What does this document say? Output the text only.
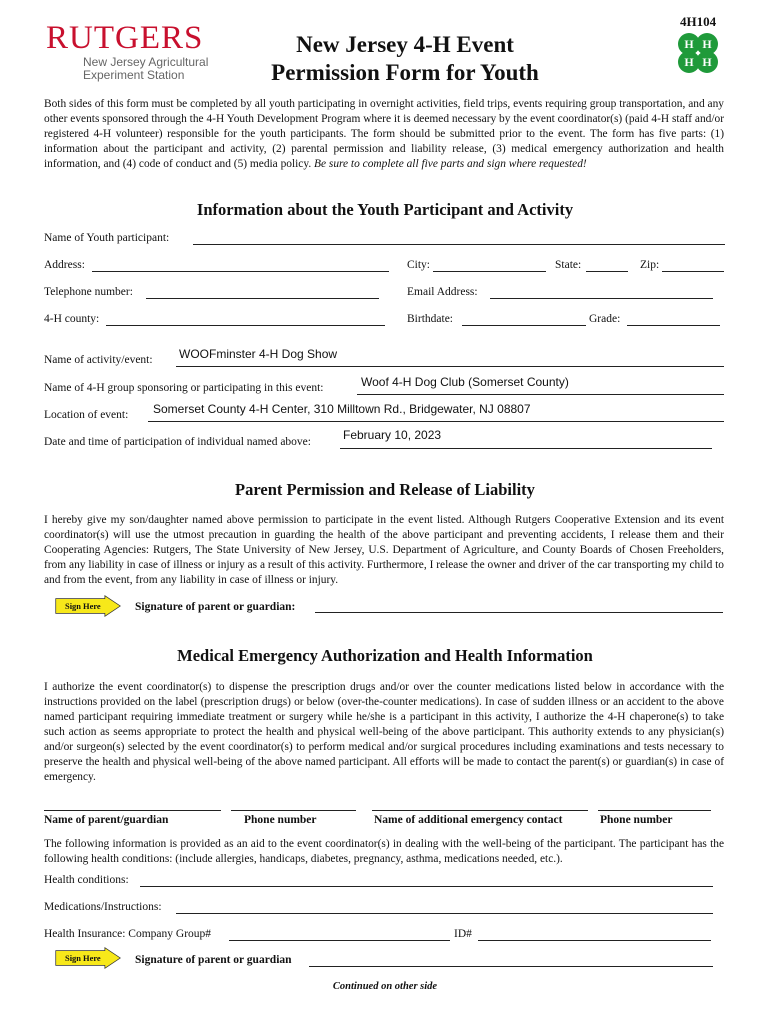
RUTGERS
New Jersey Agricultural
Experiment Station
4H104
H H
H H
New Jersey 4-H Event
Permission Form for Youth
Both sides of this form must be completed by all youth participating in overnight activities, field trips, events requiring group transportation, and any other events sponsored through the 4-H Youth Development Program where it is deemed necessary by the event coordinator(s) (paid 4-H staff and/or registered 4-H volunteer) responsible for the youth participants. The form should be submitted prior to the event. The form has five parts: (1) information about the participant and activity, (2) parental permission and liability release, (3) medical emergency authorization and health information, and (4) code of conduct and (5) media policy. Be sure to complete all five parts and sign where requested!
Information about the Youth Participant and Activity
Name of Youth participant:
Address:	City:	State:	Zip:
Telephone number:	Email Address:
4-H county:	Birthdate:	Grade:
Name of activity/event: WOOFminster 4-H Dog Show
Name of 4-H group sponsoring or participating in this event:	Woof 4-H Dog Club (Somerset County)
Location of event: Somerset County 4-H Center, 310 Milltown Rd., Bridgewater, NJ 08807
Date and time of participation of individual named above:	February 10, 2023
Parent Permission and Release of Liability
I hereby give my son/daughter named above permission to participate in the event listed. Although Rutgers Cooperative Extension and its event coordinator(s) will use the utmost precaution in guarding the health of the above participant and preventing accidents, I release them and their Cooperating Agencies: Rutgers, The State University of New Jersey, U.S. Department of Agriculture, and County Boards of Chosen Freeholders, from any liability in case of illness or injury as a result of this activity. Furthermore, I release the owner and driver of the car transporting my child to and from the event, from any liability in case of illness or injury.
Sign Here	Signature of parent or guardian:
Medical Emergency Authorization and Health Information
I authorize the event coordinator(s) to dispense the prescription drugs and/or over the counter medications listed below in accordance with the instructions provided on the label (prescription drugs) or below (over-the-counter medications). In case of sudden illness or an accident to the above named participant requiring immediate treatment or surgery while he/she is a participant in this activity, I authorize the 4-H chaperone(s) to take such action as seems appropriate to protect the health and physical well-being of the above participant. This authority extends to any physician(s) and/or surgeon(s) selected by the event coordinator(s) to perform medical and/or surgical procedures including examinations and tests necessary to preserve the health and physical well-being of the above named participant. All efforts will be made to contact the parent(s) or guardian(s) in case of emergency.
Name of parent/guardian	Phone number	Name of additional emergency contact	Phone number
The following information is provided as an aid to the event coordinator(s) in dealing with the well-being of the participant. The participant has the following health conditions: (include allergies, handicaps, diabetes, pregnancy, asthma, medications needed, etc.).
Health conditions:
Medications/Instructions:
Health Insurance: Company Group#	ID#
Sign Here	Signature of parent or guardian
Continued on other side
